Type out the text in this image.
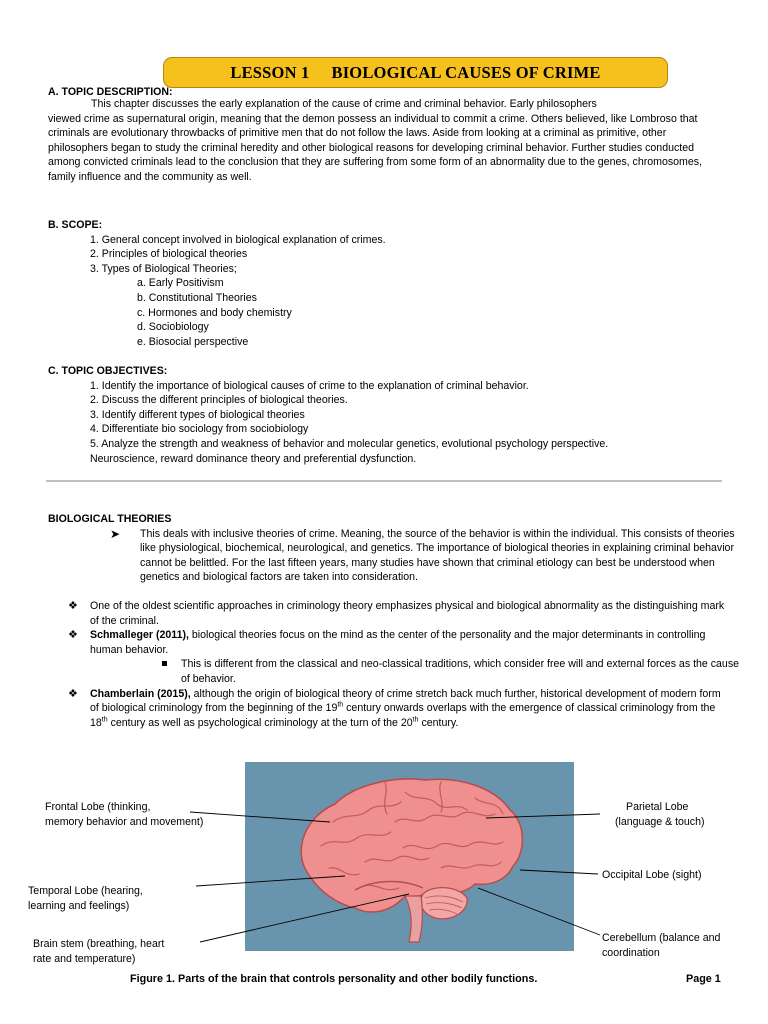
LESSON 1 BIOLOGICAL CAUSES OF CRIME
A. TOPIC DESCRIPTION:

This chapter discusses the early explanation of the cause of crime and criminal behavior. Early philosophers

viewed crime as supernatural origin, meaning that the demon possess an individual to commit a crime. Others believed, like Lombroso that criminals are evolutionary throwbacks of primitive men that do not follow the laws. Aside from looking at a criminal as primitive, other philosophers began to study the criminal heredity and other biological reasons for developing criminal behavior. Further studies conducted among convicted criminals lead to the conclusion that they are suffering from some form of an abnormality due to the genes, chromosomes, family influence and the community as well.

B. SCOPE:

1. General concept involved in biological explanation of crimes.

2. Principles of biological theories

3. Types of Biological Theories;

a. Early Positivism

b. Constitutional Theories

c. Hormones and body chemistry

d. Sociobiology

e. Biosocial perspective

C. TOPIC OBJECTIVES:

1. Identify the importance of biological causes of crime to the explanation of criminal behavior.

2. Discuss the different principles of biological theories.

3. Identify different types of biological theories

4. Differentiate bio sociology from sociobiology

5. Analyze the strength and weakness of behavior and molecular genetics, evolutional psychology perspective.

Neuroscience, reward dominance theory and preferential dysfunction.

BIOLOGICAL THEORIES

➤ This deals with inclusive theories of crime. Meaning, the source of the behavior is within the individual. This consists of theories like physiological, biochemical, neurological, and genetics. The importance of biological theories in explaining criminal behavior cannot be belittled. For the last fifteen years, many studies have shown that criminal etiology can best be understood when genetics and biological factors are taken into consideration.
❖ One of the oldest scientific approaches in criminology theory emphasizes physical and biological abnormality as the distinguishing mark of the criminal.
❖ Schmalleger (2011), biological theories focus on the mind as the center of the personality and the major determinants in controlling human behavior.
This is different from the classical and neo-classical traditions, which consider free will and external forces as the cause of behavior.
❖ Chamberlain (2015), although the origin of biological theory of crime stretch back much further, historical development of modern form of biological criminology from the beginning of the 19th century onwards overlaps with the emergence of classical criminology from the 18th century as well as psychological criminology at the turn of the 20th century.
Frontal Lobe (thinking,
memory behavior and movement)
Temporal Lobe (hearing,
learning and feelings)
Brain stem (breathing, heart
rate and temperature)
Parietal Lobe
(language & touch)
Occipital Lobe (sight)
Cerebellum (balance and
coordination
Figure 1. Parts of the brain that controls personality and other bodily functions.	Page 1
